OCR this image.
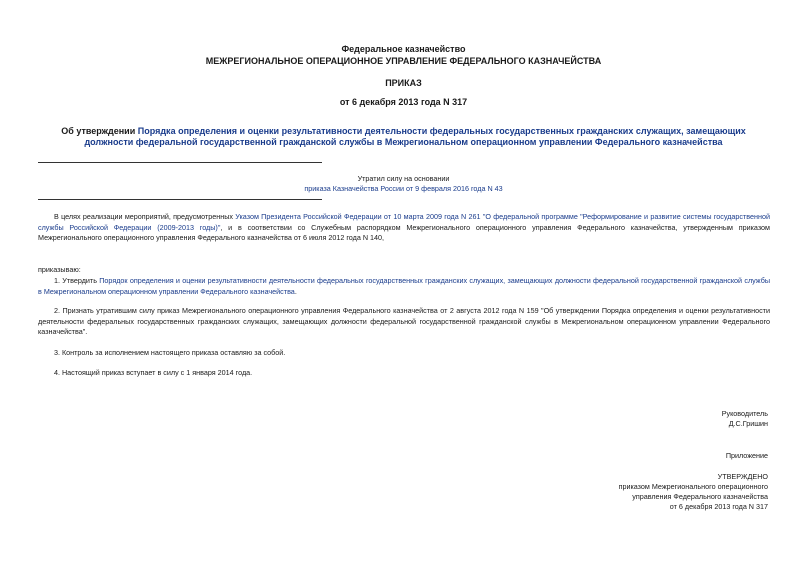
Федеральное казначейство
МЕЖРЕГИОНАЛЬНОЕ ОПЕРАЦИОННОЕ УПРАВЛЕНИЕ ФЕДЕРАЛЬНОГО КАЗНАЧЕЙСТВА
ПРИКАЗ
от 6 декабря 2013 года N 317
Об утверждении Порядка определения и оценки результативности деятельности федеральных государственных гражданских служащих, замещающих должности федеральной государственной гражданской службы в Межрегиональном операционном управлении Федерального казначейства
Утратил силу на основании
приказа Казначейства России от 9 февраля 2016 года N 43
В целях реализации мероприятий, предусмотренных Указом Президента Российской Федерации от 10 марта 2009 года N 261 "О федеральной программе "Реформирование и развитие системы государственной службы Российской Федерации (2009-2013 годы)", и в соответствии со Служебным распорядком Межрегионального операционного управления Федерального казначейства, утвержденным приказом Межрегионального операционного управления Федерального казначейства от 6 июля 2012 года N 140,
приказываю:
1. Утвердить Порядок определения и оценки результативности деятельности федеральных государственных гражданских служащих, замещающих должности федеральной государственной гражданской службы в Межрегиональном операционном управлении Федерального казначейства.
2. Признать утратившим силу приказ Межрегионального операционного управления Федерального казначейства от 2 августа 2012 года N 159 "Об утверждении Порядка определения и оценки результативности деятельности федеральных государственных гражданских служащих, замещающих должности федеральной государственной гражданской службы в Межрегиональном операционном управлении Федерального казначейства".
3. Контроль за исполнением настоящего приказа оставляю за собой.
4. Настоящий приказ вступает в силу с 1 января 2014 года.
Руководитель
Д.С.Гришин
Приложение
УТВЕРЖДЕНО
приказом Межрегионального операционного
управления Федерального казначейства
от 6 декабря 2013 года N 317
